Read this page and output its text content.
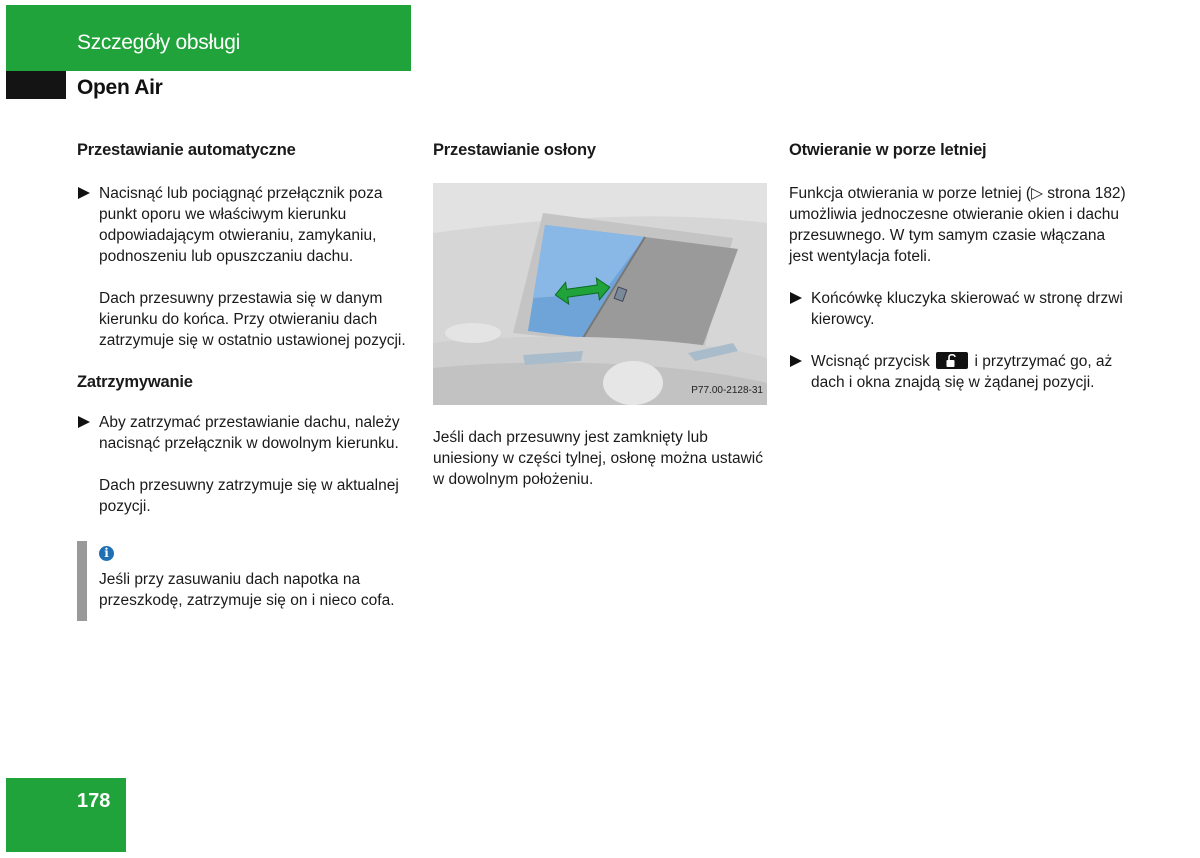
Szczegóły obsługi
Open Air
Przestawianie automatyczne

Nacisnąć lub pociągnąć przełącznik poza punkt oporu we właściwym kierunku odpowiadającym otwieraniu, zamykaniu, podnoszeniu lub opuszczaniu dachu.

Dach przesuwny przestawia się w danym kierunku do końca. Przy otwieraniu dach zatrzymuje się w ostatnio ustawionej pozycji.

Zatrzymywanie

Aby zatrzymać przestawianie dachu, należy nacisnąć przełącznik w dowolnym kierunku.

Dach przesuwny zatrzymuje się w aktualnej pozycji.

i

Jeśli przy zasuwaniu dach napotka na przeszkodę, zatrzymuje się on i nieco cofa.

Przestawianie osłony
P77.00-2128-31

Jeśli dach przesuwny jest zamknięty lub uniesiony w części tylnej, osłonę można ustawić w dowolnym położeniu.

Otwieranie w porze letniej

Funkcja otwierania w porze letniej (▷ strona 182) umożliwia jednoczesne otwieranie okien i dachu przesuwnego. W tym samym czasie włączana jest wentylacja foteli.

Końcówkę kluczyka skierować w stronę drzwi kierowcy.

Wcisnąć przycisk	i przytrzymać go, aż dach i okna znajdą się w żądanej pozycji.

178
